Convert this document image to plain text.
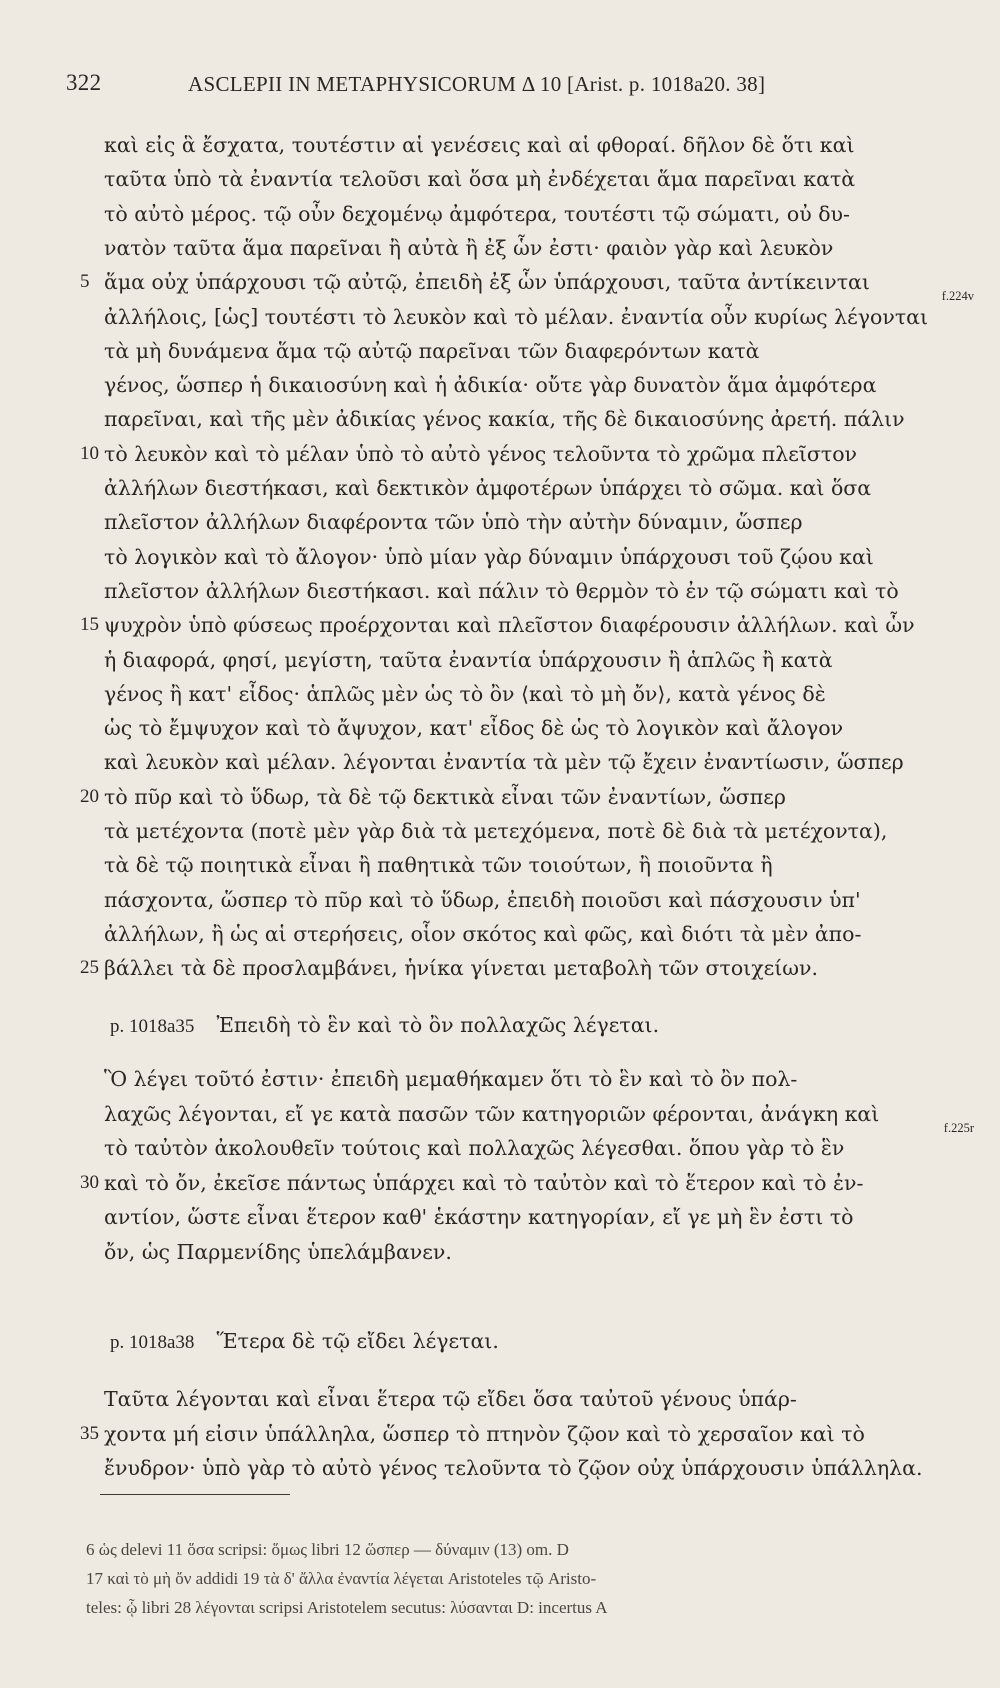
322	ASCLEPII IN METAPHYSICORUM Δ 10 [Arist. p. 1018a20. 38]
καὶ εἰς ἃ ἔσχατα, τουτέστιν αἱ γενέσεις καὶ αἱ φθοραί. δῆλον δὲ ὅτι καὶ
ταῦτα ὑπὸ τὰ ἐναντία τελοῦσι καὶ ὅσα μὴ ἐνδέχεται ἅμα παρεῖναι κατὰ
τὸ αὐτὸ μέρος. τῷ οὖν δεχομένῳ ἀμφότερα, τουτέστι τῷ σώματι, οὐ δυ-
νατὸν ταῦτα ἅμα παρεῖναι ἢ αὐτὰ ἢ ἐξ ὧν ἐστι· φαιὸν γὰρ καὶ λευκὸν
ἅμα οὐχ ὑπάρχουσι τῷ αὐτῷ, ἐπειδὴ ἐξ ὧν ὑπάρχουσι, ταῦτα ἀντίκεινται
ἀλλήλοις, [ὡς] τουτέστι τὸ λευκὸν καὶ τὸ μέλαν. ἐναντία οὖν κυρίως λέγονται
τὰ μὴ δυνάμενα ἅμα τῷ αὐτῷ παρεῖναι τῶν διαφερόντων κατὰ
γένος, ὥσπερ ἡ δικαιοσύνη καὶ ἡ ἀδικία· οὔτε γὰρ δυνατὸν ἅμα ἀμφότερα
παρεῖναι, καὶ τῆς μὲν ἀδικίας γένος κακία, τῆς δὲ δικαιοσύνης ἀρετή. πάλιν
τὸ λευκὸν καὶ τὸ μέλαν ὑπὸ τὸ αὐτὸ γένος τελοῦντα τὸ χρῶμα πλεῖστον
ἀλλήλων διεστήκασι, καὶ δεκτικὸν ἀμφοτέρων ὑπάρχει τὸ σῶμα. καὶ ὅσα
πλεῖστον ἀλλήλων διαφέροντα τῶν ὑπὸ τὴν αὐτὴν δύναμιν, ὥσπερ
τὸ λογικὸν καὶ τὸ ἄλογον· ὑπὸ μίαν γὰρ δύναμιν ὑπάρχουσι τοῦ ζῴου καὶ
πλεῖστον ἀλλήλων διεστήκασι. καὶ πάλιν τὸ θερμὸν τὸ ἐν τῷ σώματι καὶ τὸ
ψυχρὸν ὑπὸ φύσεως προέρχονται καὶ πλεῖστον διαφέρουσιν ἀλλήλων. καὶ ὧν
ἡ διαφορά, φησί, μεγίστη, ταῦτα ἐναντία ὑπάρχουσιν ἢ ἁπλῶς ἢ κατὰ
γένος ἢ κατ' εἶδος· ἁπλῶς μὲν ὡς τὸ ὂν ⟨καὶ τὸ μὴ ὄν⟩, κατὰ γένος δὲ
ὡς τὸ ἔμψυχον καὶ τὸ ἄψυχον, κατ' εἶδος δὲ ὡς τὸ λογικὸν καὶ ἄλογον
καὶ λευκὸν καὶ μέλαν. λέγονται ἐναντία τὰ μὲν τῷ ἔχειν ἐναντίωσιν, ὥσπερ
τὸ πῦρ καὶ τὸ ὕδωρ, τὰ δὲ τῷ δεκτικὰ εἶναι τῶν ἐναντίων, ὥσπερ
τὰ μετέχοντα (ποτὲ μὲν γὰρ διὰ τὰ μετεχόμενα, ποτὲ δὲ διὰ τὰ μετέχοντα),
τὰ δὲ τῷ ποιητικὰ εἶναι ἢ παθητικὰ τῶν τοιούτων, ἢ ποιοῦντα ἢ
πάσχοντα, ὥσπερ τὸ πῦρ καὶ τὸ ὕδωρ, ἐπειδὴ ποιοῦσι καὶ πάσχουσιν ὑπ'
ἀλλήλων, ἢ ὡς αἱ στερήσεις, οἷον σκότος καὶ φῶς, καὶ διότι τὰ μὲν ἀπο-
βάλλει τὰ δὲ προσλαμβάνει, ἡνίκα γίνεται μεταβολὴ τῶν στοιχείων.
5
10
15
20
25
f.224v
p. 1018a35 Ἐπειδὴ τὸ ἓν καὶ τὸ ὂν πολλαχῶς λέγεται.
Ὃ λέγει τοῦτό ἐστιν· ἐπειδὴ μεμαθήκαμεν ὅτι τὸ ἓν καὶ τὸ ὂν πολ-
λαχῶς λέγονται, εἴ γε κατὰ πασῶν τῶν κατηγοριῶν φέρονται, ἀνάγκη καὶ
τὸ ταὐτὸν ἀκολουθεῖν τούτοις καὶ πολλαχῶς λέγεσθαι. ὅπου γὰρ τὸ ἓν
καὶ τὸ ὄν, ἐκεῖσε πάντως ὑπάρχει καὶ τὸ ταὐτὸν καὶ τὸ ἕτερον καὶ τὸ ἐν-
αντίον, ὥστε εἶναι ἕτερον καθ' ἑκάστην κατηγορίαν, εἴ γε μὴ ἓν ἐστι τὸ
ὄν, ὡς Παρμενίδης ὑπελάμβανεν.
30
f.225r
p. 1018a38 Ἕτερα δὲ τῷ εἴδει λέγεται.
Ταῦτα λέγονται καὶ εἶναι ἕτερα τῷ εἴδει ὅσα ταὐτοῦ γένους ὑπάρ-
χοντα μή εἰσιν ὑπάλληλα, ὥσπερ τὸ πτηνὸν ζῷον καὶ τὸ χερσαῖον καὶ τὸ
ἔνυδρον· ὑπὸ γὰρ τὸ αὐτὸ γένος τελοῦντα τὸ ζῷον οὐχ ὑπάρχουσιν ὑπάλληλα.
35
6 ὡς delevi 11 ὅσα scripsi: ὅμως libri 12 ὥσπερ — δύναμιν (13) om. D
17 καὶ τὸ μὴ ὄν addidi 19 τὰ δ' ἄλλα ἐναντία λέγεται Aristoteles τῷ Aristo-
teles: ᾧ libri 28 λέγονται scripsi Aristotelem secutus: λύσανται D: incertus A
